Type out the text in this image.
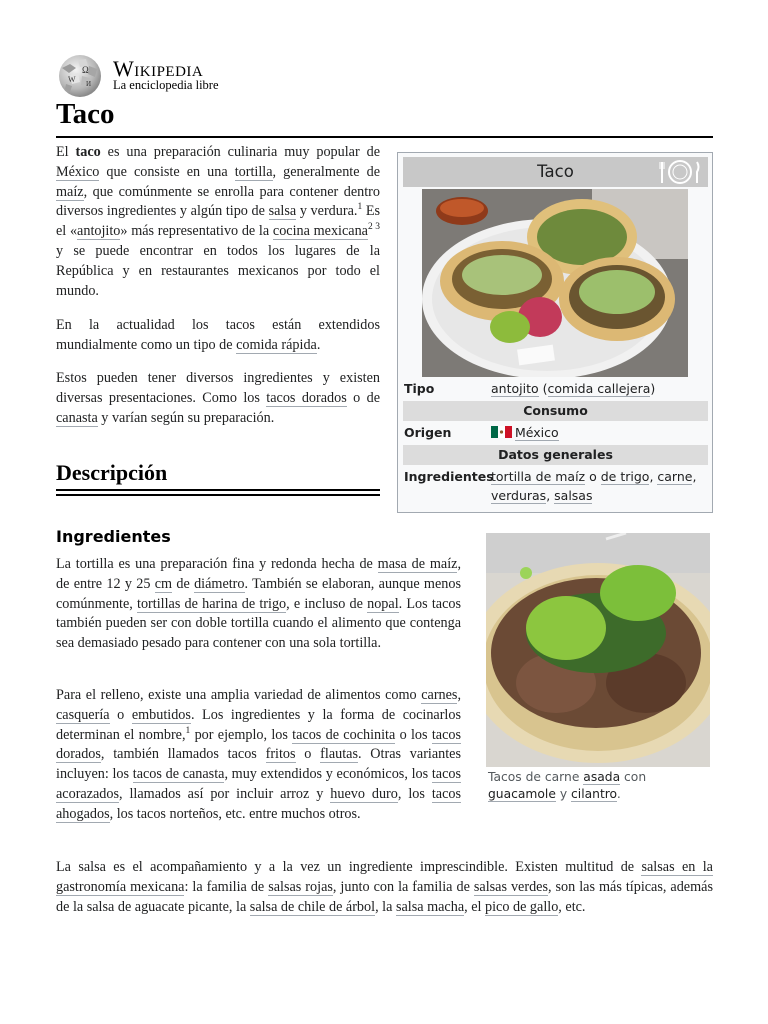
Ω
W И
Wikipedia
La enciclopedia libre
Taco
El taco es una preparación culinaria muy popular de México que consiste en una tortilla, generalmente de maíz, que comúnmente se enrolla para contener dentro diversos ingredientes y algún tipo de salsa y verdura.$^1$ Es el «antojito» más representativo de la cocina mexicana$^{2 3}$ y se puede encontrar en todos los lugares de la República y en restaurantes mexicanos por todo el mundo.
En la actualidad los tacos están extendidos mundialmente como un tipo de comida rápida.
Estos pueden tener diversos ingredientes y existen diversas presentaciones. Como los tacos dorados o de canasta y varían según su preparación.
Descripción
Ingredientes
La tortilla es una preparación fina y redonda hecha de masa de maíz, de entre 12 y 25 cm de diámetro. También se elaboran, aunque menos comúnmente, tortillas de harina de trigo, e incluso de nopal. Los tacos también pueden ser con doble tortilla cuando el alimento que contenga sea demasiado pesado para contener con una sola tortilla.
Para el relleno, existe una amplia variedad de alimentos como carnes, casquería o embutidos. Los ingredientes y la forma de cocinarlos determinan el nombre,$^1$ por ejemplo, los tacos de cochinita o los tacos dorados, también llamados tacos fritos o flautas. Otras variantes incluyen: los tacos de canasta, muy extendidos y económicos, los tacos acorazados, llamados así por incluir arroz y huevo duro, los tacos ahogados, los tacos norteños, etc. entre muchos otros.
La salsa es el acompañamiento y a la vez un ingrediente imprescindible. Existen multitud de salsas en la gastronomía mexicana: la familia de salsas rojas, junto con la familia de salsas verdes, son las más típicas, además de la salsa de aguacate picante, la salsa de chile de árbol, la salsa macha, el pico de gallo, etc.
Taco
Tipo	antojito (comida callejera)
Consumo
Origen	México
Datos generales
Ingredientes
tortilla de maíz o de trigo, carne, verduras, salsas
Tacos de carne asada con guacamole y cilantro.
